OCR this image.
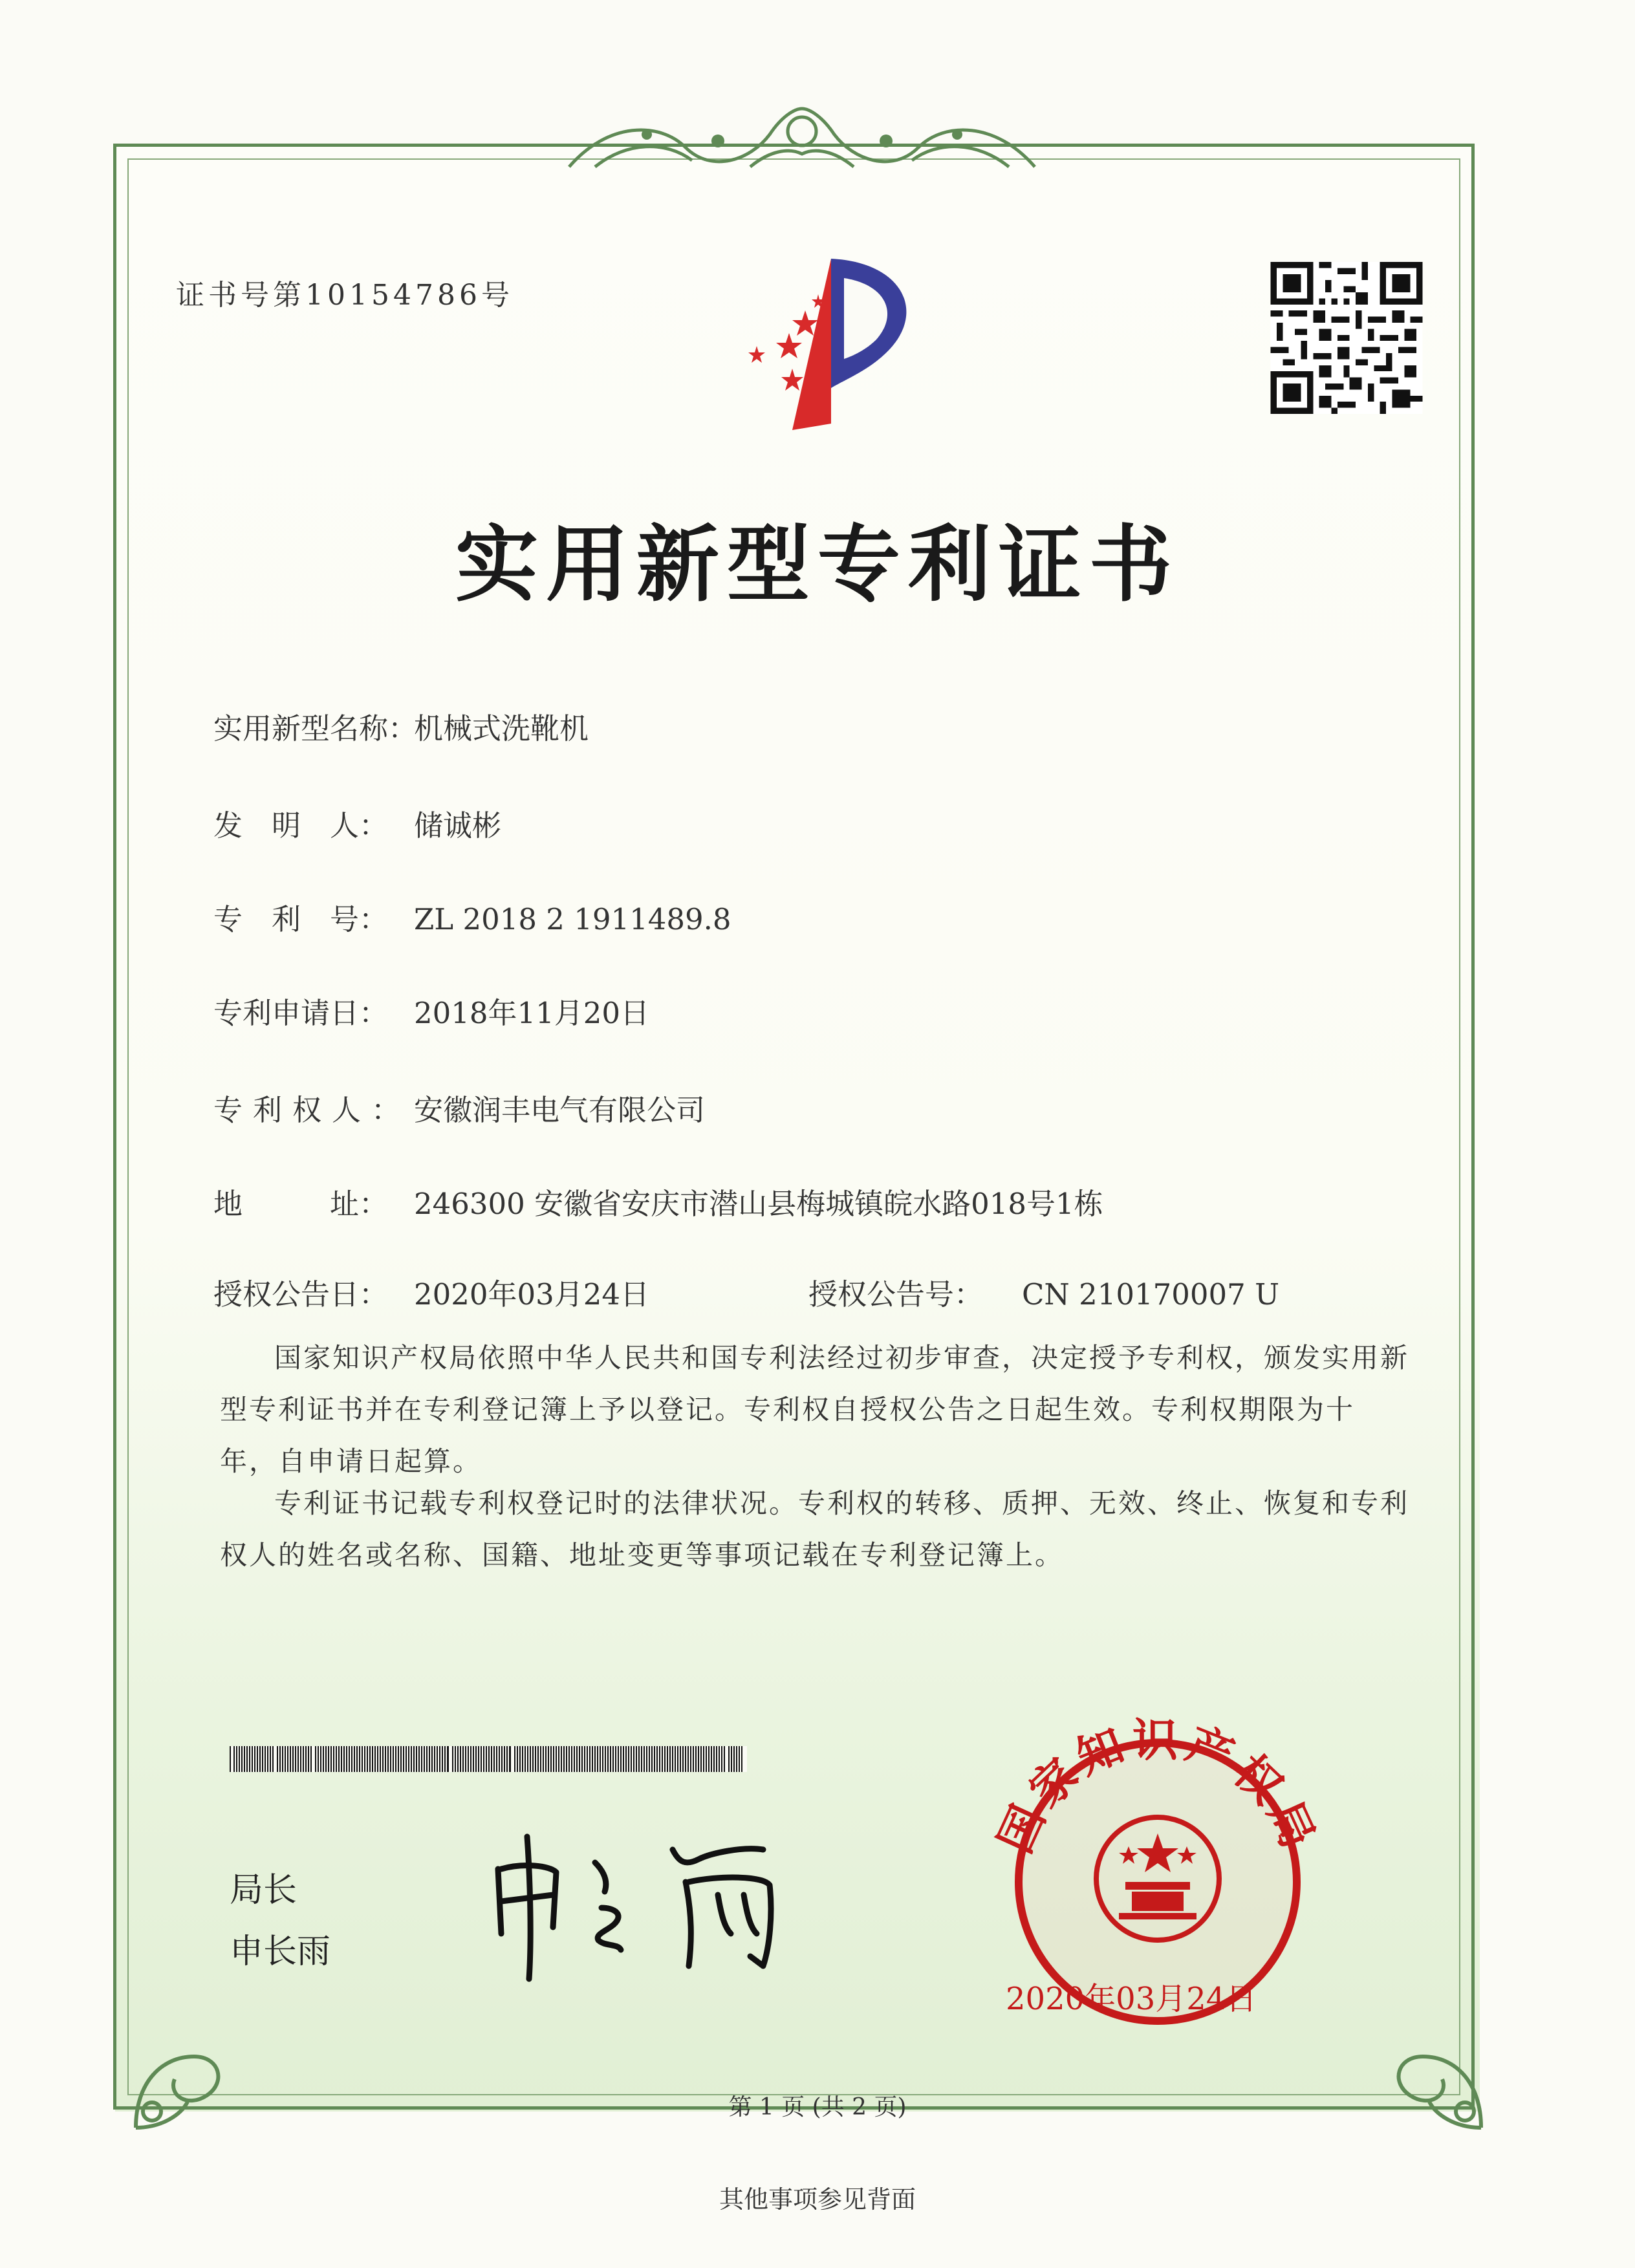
证书号第10154786号
实用新型专利证书
实用新型名称：机械式洗靴机
发　明　人： 储诚彬
专　利　号： ZL 2018 2 1911489.8
专利申请日： 2018年11月20日
专利权人： 安徽润丰电气有限公司
地　　　址： 246300 安徽省安庆市潜山县梅城镇皖水路018号1栋
授权公告日： 2020年03月24日	授权公告号： CN 210170007 U
国家知识产权局依照中华人民共和国专利法经过初步审查，决定授予专利权，颁发实用新型专利证书并在专利登记簿上予以登记。专利权自授权公告之日起生效。专利权期限为十年，自申请日起算。
专利证书记载专利权登记时的法律状况。专利权的转移、质押、无效、终止、恢复和专利权人的姓名或名称、国籍、地址变更等事项记载在专利登记簿上。
局长
申长雨
国家知识产权局
2020年03月24日
第 1 页 (共 2 页)
其他事项参见背面
